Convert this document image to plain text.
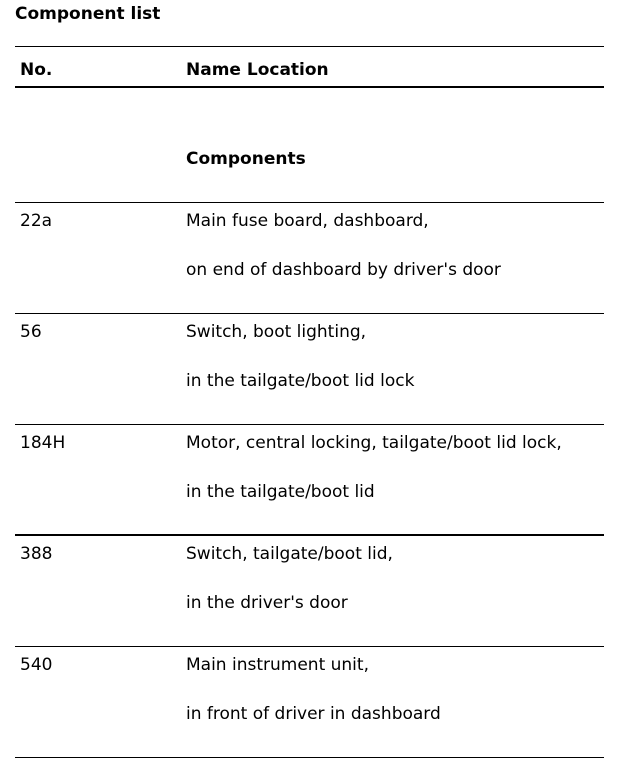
Component list
No.	Name Location
Components
22a	Main fuse board, dashboard,
on end of dashboard by driver's door
56	Switch, boot lighting,
in the tailgate/boot lid lock
184H	Motor, central locking, tailgate/boot lid lock,
in the tailgate/boot lid
388	Switch, tailgate/boot lid,
in the driver's door
540	Main instrument unit,
in front of driver in dashboard
